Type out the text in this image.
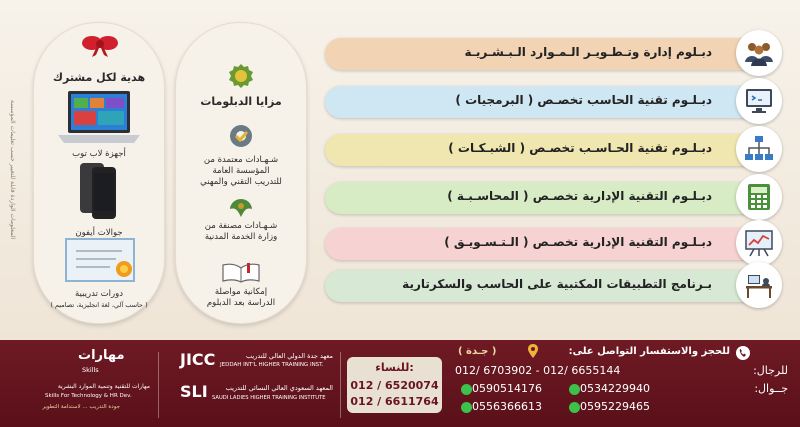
المعلومات الواردة قابلة للتغيير حسب تعليمات المؤسسة
هدية لكل مشترك
أجهزة لاب توب
جوالات أيفون
دورات تدريبية
( حاسب آلي، لغة انجليزية، تصاميم )
مزايا الدبلومات
شـهـادات معتمدة من
المؤسسة العامة
للتدريب التقني والمهني
شـهـادات مصنفة من
وزارة الخدمة المدنية
إمكانية مواصلة
الدراسة بعد الدبلوم
دبـلوم إدارة وتـطـويـر الـمـوارد الـبـشـريـة
دبـلـوم تقنية الحاسب تخصـص ( البرمجيات )
دبـلـوم تقنية الحـاسـب تخصـص ( الشبـكـات )
دبـلـوم التقنية الإدارية تخصـص ( المحاسـبـة )
دبـلـوم التقنية الإدارية تخصـص ( الـتـسـويـق )
بـرنامج التطبيقات المكتبية على الحاسب والسكرتارية
للحجز والاستفسار التواصل على:
( جـدة )
للرجال:
012/ 6703902 - 012/ 6655144
جــوال:
0534229940
0590514176
0595229465
0556366613
للنساء:
012 / 6520074
012 / 6611764
JICC	معهد جدة الدولي العالي للتدريب
JEDDAH INT'L HIGHER TRAINING INST.
SLI	المعهد السعودي العالي النسائي للتدريب
SAUDI LADIES HIGHER TRAINING INSTITUTE
مهارات
Skills
مهارات للتقنية وتنمية الموارد البشرية
Skills For Technology & HR Dev.
جودة التدريب ... لاستدامة التطوير
